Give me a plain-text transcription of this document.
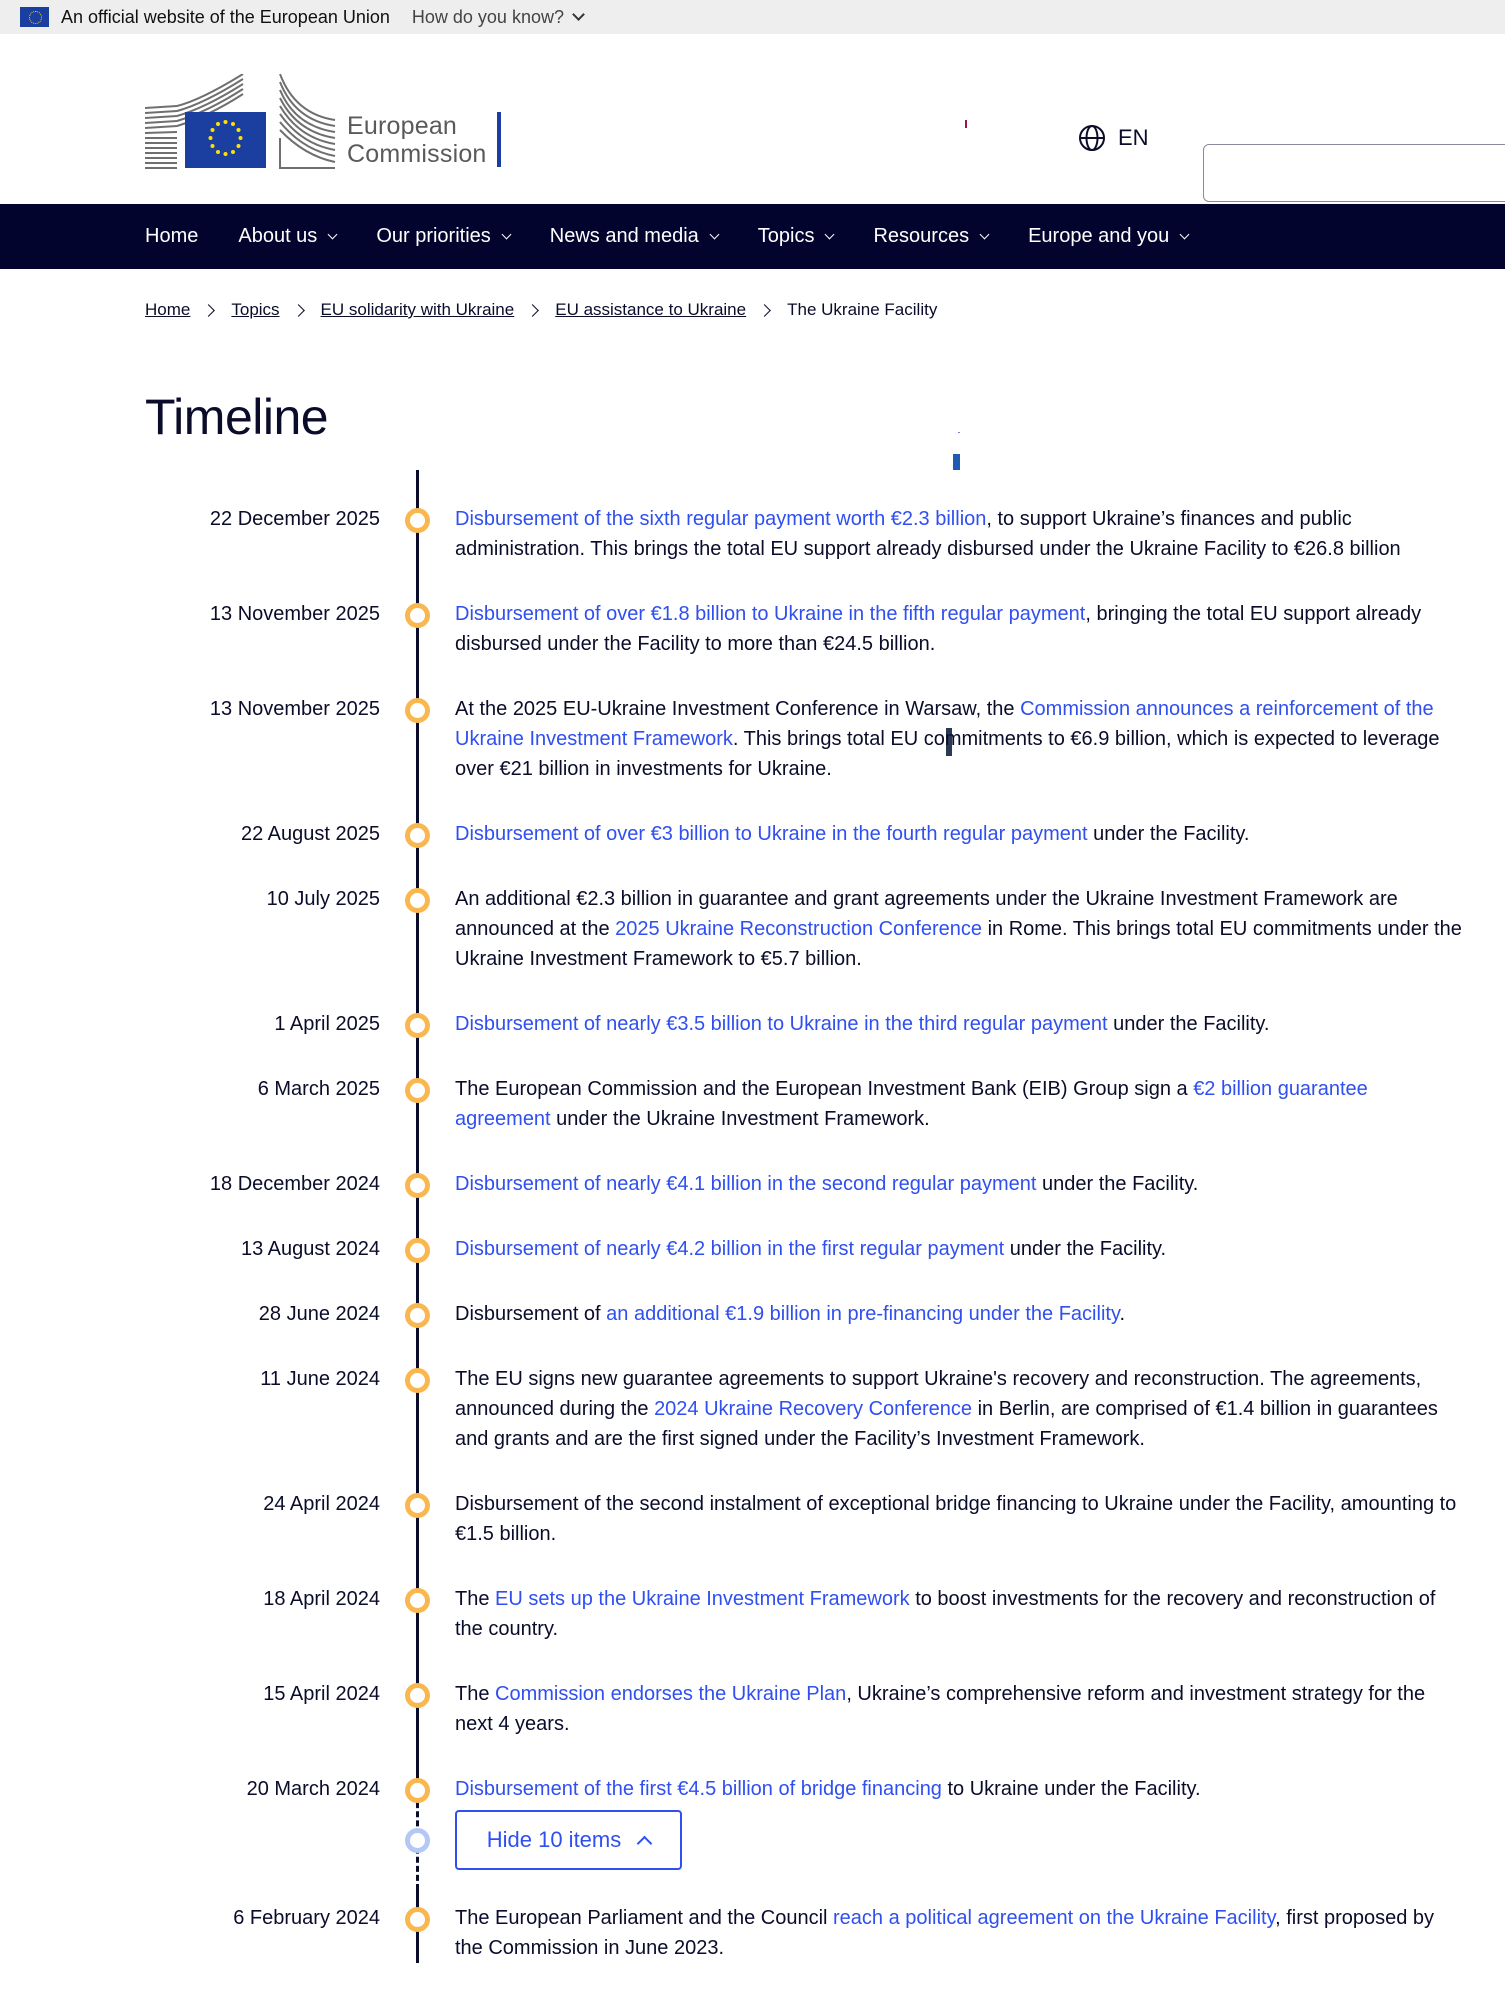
An official website of the European Union How do you know?
European
Commission
EN
Home About us	Our priorities	News and media	Topics	Resources	Europe and you
Home Topics EU solidarity with Ukraine EU assistance to Ukraine The Ukraine Facility
Timeline
22 December 2025	Disbursement of the sixth regular payment worth €2.3 billion, to support Ukraine’s finances and public administration. This brings the total EU support already disbursed under the Ukraine Facility to €26.8 billion
13 November 2025	Disbursement of over €1.8 billion to Ukraine in the fifth regular payment, bringing the total EU support already disbursed under the Facility to more than €24.5 billion.
13 November 2025	At the 2025 EU-Ukraine Investment Conference in Warsaw, the Commission announces a reinforcement of the Ukraine Investment Framework. This brings total EU commitments to €6.9 billion, which is expected to leverage over €21 billion in investments for Ukraine.
22 August 2025	Disbursement of over €3 billion to Ukraine in the fourth regular payment under the Facility.
10 July 2025	An additional €2.3 billion in guarantee and grant agreements under the Ukraine Investment Framework are announced at the 2025 Ukraine Reconstruction Conference in Rome. This brings total EU commitments under the Ukraine Investment Framework to €5.7 billion.
1 April 2025	Disbursement of nearly €3.5 billion to Ukraine in the third regular payment under the Facility.
6 March 2025	The European Commission and the European Investment Bank (EIB) Group sign a €2 billion guarantee agreement under the Ukraine Investment Framework.
18 December 2024	Disbursement of nearly €4.1 billion in the second regular payment under the Facility.
13 August 2024	Disbursement of nearly €4.2 billion in the first regular payment under the Facility.
28 June 2024	Disbursement of an additional €1.9 billion in pre-financing under the Facility.
11 June 2024	The EU signs new guarantee agreements to support Ukraine's recovery and reconstruction. The agreements, announced during the 2024 Ukraine Recovery Conference in Berlin, are comprised of €1.4 billion in guarantees and grants and are the first signed under the Facility’s Investment Framework.
24 April 2024	Disbursement of the second instalment of exceptional bridge financing to Ukraine under the Facility, amounting to €1.5 billion.
18 April 2024	The EU sets up the Ukraine Investment Framework to boost investments for the recovery and reconstruction of the country.
15 April 2024	The Commission endorses the Ukraine Plan, Ukraine’s comprehensive reform and investment strategy for the next 4 years.
20 March 2024	Disbursement of the first €4.5 billion of bridge financing to Ukraine under the Facility.
Hide 10 items
6 February 2024	The European Parliament and the Council reach a political agreement on the Ukraine Facility, first proposed by the Commission in June 2023.
